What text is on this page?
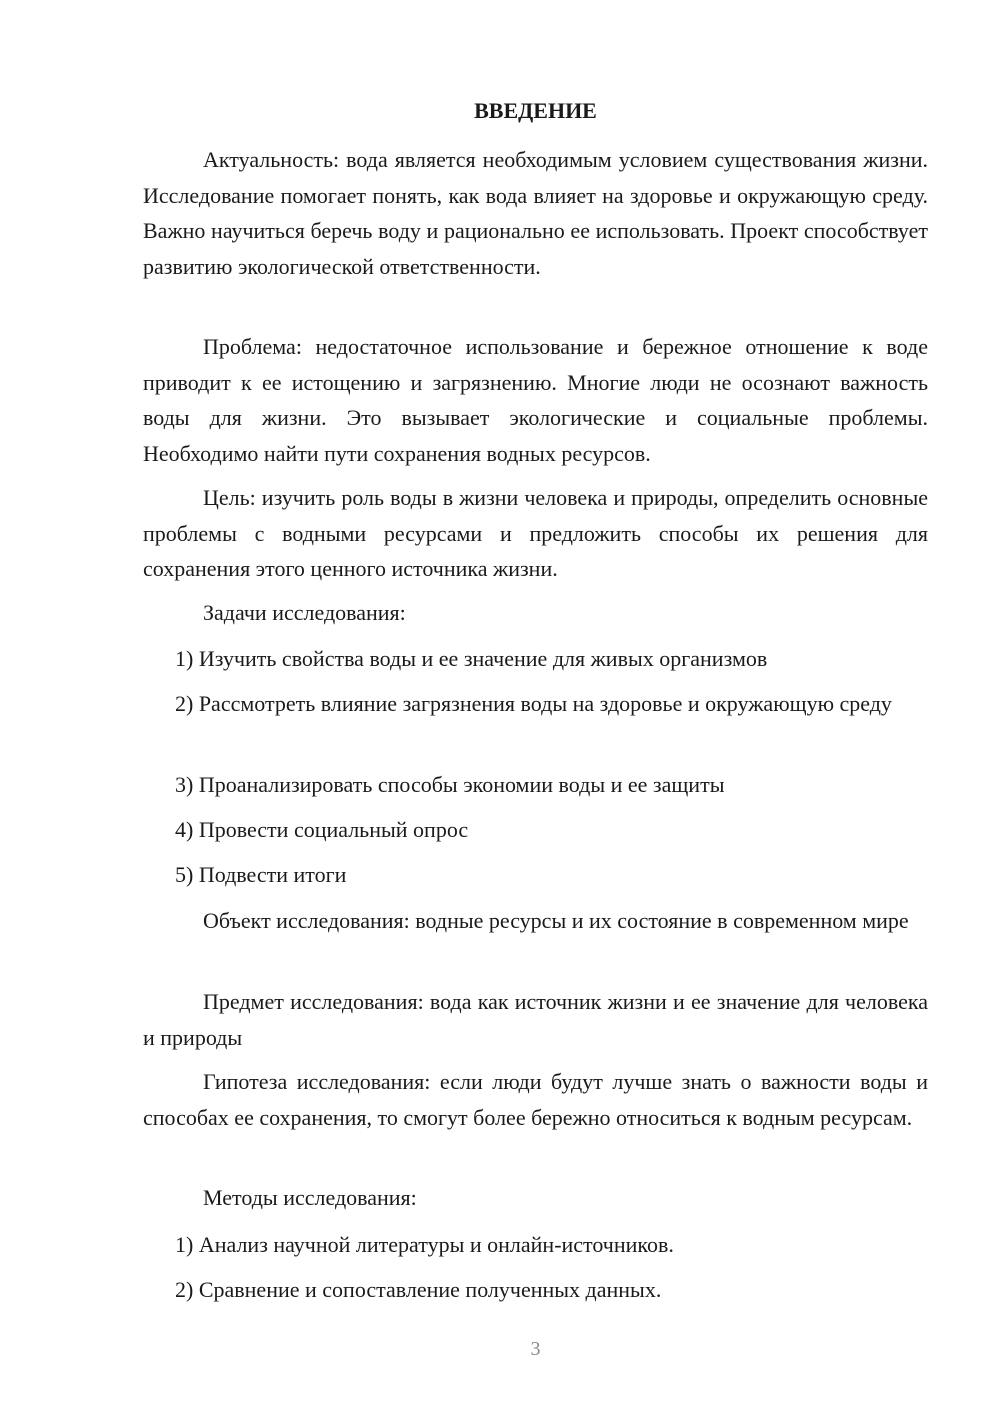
ВВЕДЕНИЕ

Актуальность: вода является необходимым условием существования жизни. Исследование помогает понять, как вода влияет на здоровье и окружающую среду. Важно научиться беречь воду и рационально ее использовать. Проект способствует развитию экологической ответственности.

Проблема: недостаточное использование и бережное отношение к воде приводит к ее истощению и загрязнению. Многие люди не осознают важность воды для жизни. Это вызывает экологические и социальные проблемы. Необходимо найти пути сохранения водных ресурсов.

Цель: изучить роль воды в жизни человека и природы, определить основные проблемы с водными ресурсами и предложить способы их решения для сохранения этого ценного источника жизни.

Задачи исследования:

1) Изучить свойства воды и ее значение для живых организмов

2) Рассмотреть влияние загрязнения воды на здоровье и окружающую среду

3) Проанализировать способы экономии воды и ее защиты

4) Провести социальный опрос

5) Подвести итоги

Объект исследования: водные ресурсы и их состояние в современном мире

Предмет исследования: вода как источник жизни и ее значение для человека и природы

Гипотеза исследования: если люди будут лучше знать о важности воды и способах ее сохранения, то смогут более бережно относиться к водным ресурсам.

Методы исследования:

1) Анализ научной литературы и онлайн-источников.

2) Сравнение и сопоставление полученных данных.

3
